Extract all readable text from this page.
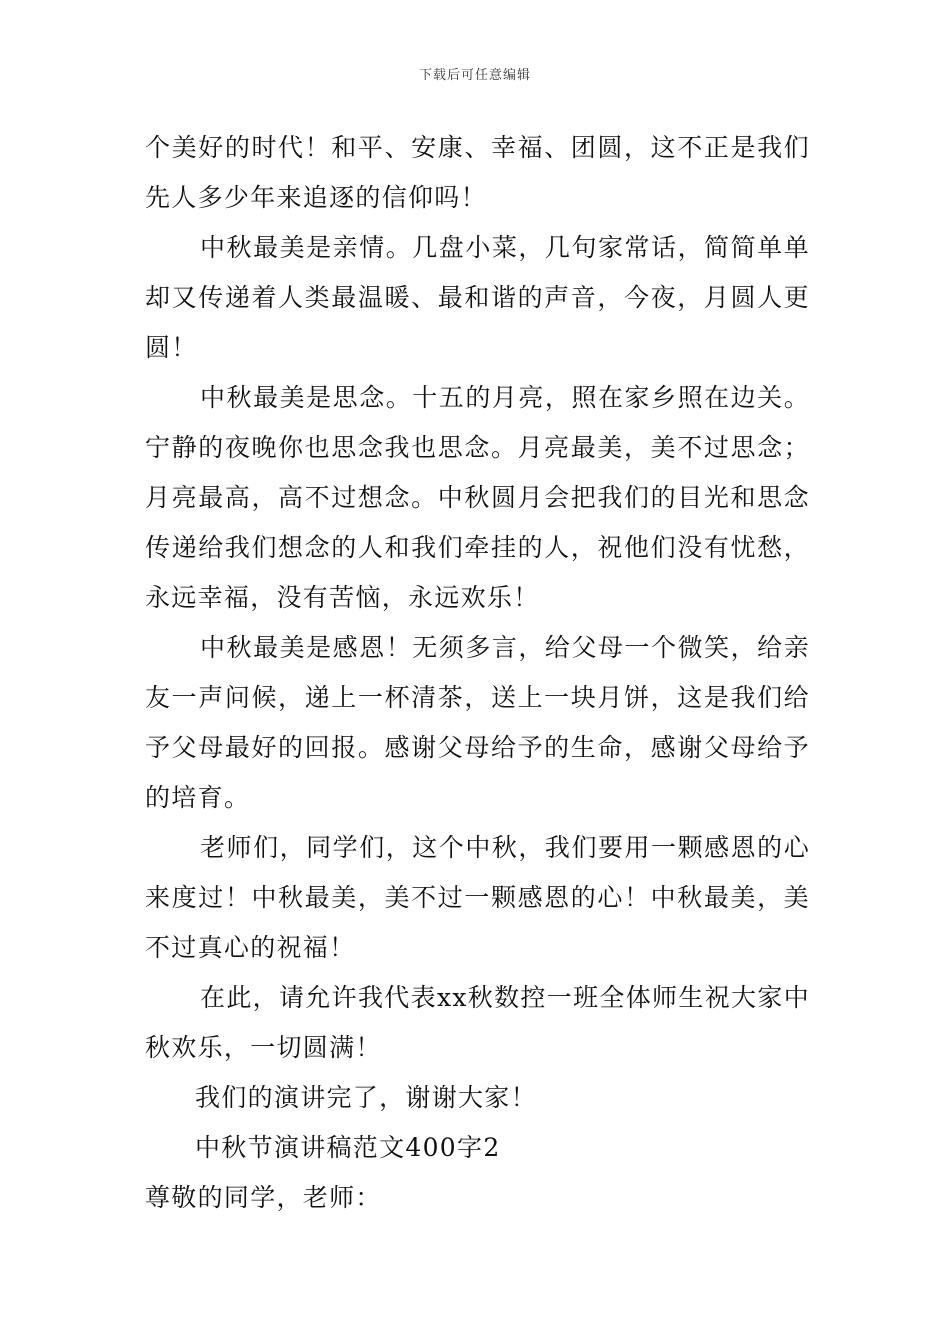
下载后可任意编辑

个美好的时代！和平、安康、幸福、团圆，这不正是我们先人多少年来追逐的信仰吗！

中秋最美是亲情。几盘小菜，几句家常话，简简单单却又传递着人类最温暖、最和谐的声音，今夜，月圆人更圆！

中秋最美是思念。十五的月亮，照在家乡照在边关。宁静的夜晚你也思念我也思念。月亮最美，美不过思念；月亮最高，高不过想念。中秋圆月会把我们的目光和思念传递给我们想念的人和我们牵挂的人，祝他们没有忧愁，永远幸福，没有苦恼，永远欢乐！

中秋最美是感恩！无须多言，给父母一个微笑，给亲友一声问候，递上一杯清茶，送上一块月饼，这是我们给予父母最好的回报。感谢父母给予的生命，感谢父母给予的培育。

老师们，同学们，这个中秋，我们要用一颗感恩的心来度过！中秋最美，美不过一颗感恩的心！中秋最美，美不过真心的祝福！

在此，请允许我代表xx秋数控一班全体师生祝大家中秋欢乐，一切圆满！

我们的演讲完了，谢谢大家！

中秋节演讲稿范文400字2

尊敬的同学，老师：
